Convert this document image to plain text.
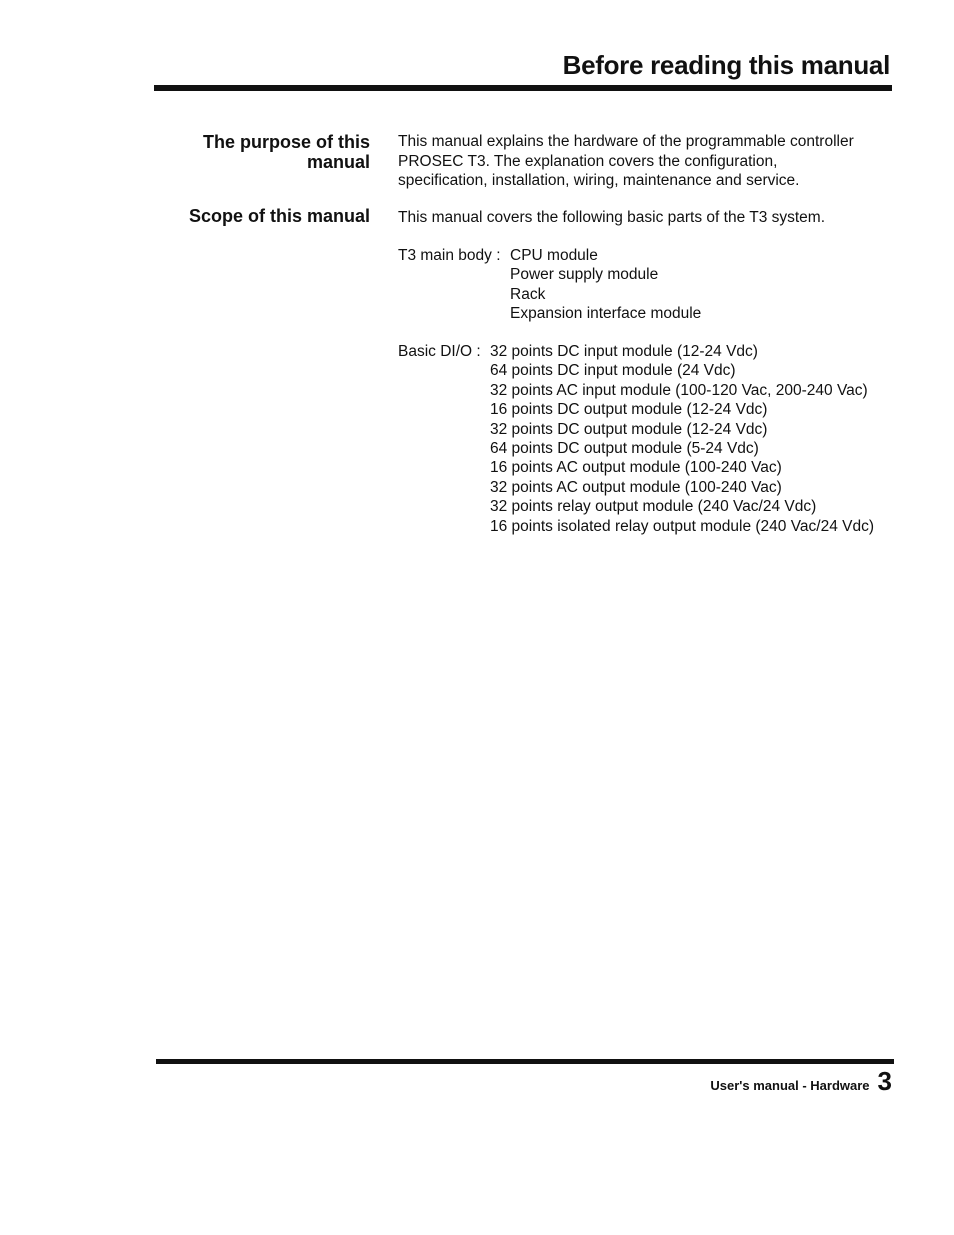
Before reading this manual
The purpose of this
manual
This manual explains the hardware of the programmable controller
PROSEC T3. The explanation covers the configuration,
specification, installation, wiring, maintenance and service.
Scope of this manual This manual covers the following basic parts of the T3 system.
T3 main body : CPU module
Power supply module
Rack
Expansion interface module
Basic DI/O : 32 points DC input module (12-24 Vdc)
64 points DC input module (24 Vdc)
32 points AC input module (100-120 Vac, 200-240 Vac)
16 points DC output module (12-24 Vdc)
32 points DC output module (12-24 Vdc)
64 points DC output module (5-24 Vdc)
16 points AC output module (100-240 Vac)
32 points AC output module (100-240 Vac)
32 points relay output module (240 Vac/24 Vdc)
16 points isolated relay output module (240 Vac/24 Vdc)
User's manual - Hardware 3
